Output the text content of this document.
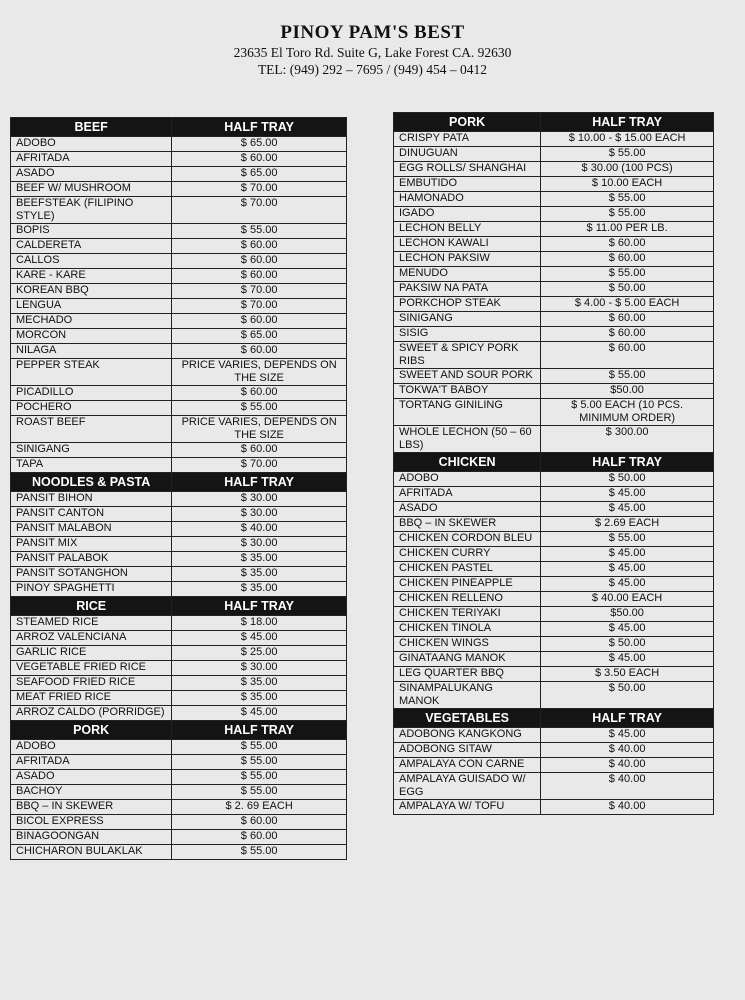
PINOY PAM'S BEST
23635 El Toro Rd. Suite G, Lake Forest CA. 92630
TEL: (949) 292 – 7695 / (949) 454 – 0412
BEEF	HALF TRAY
ADOBO	$ 65.00
AFRITADA	$ 60.00
ASADO	$ 65.00
BEEF W/ MUSHROOM	$ 70.00
BEEFSTEAK (FILIPINO STYLE)	$ 70.00
BOPIS	$ 55.00
CALDERETA	$ 60.00
CALLOS	$ 60.00
KARE - KARE	$ 60.00
KOREAN BBQ	$ 70.00
LENGUA	$ 70.00
MECHADO	$ 60.00
MORCON	$ 65.00
NILAGA	$ 60.00
PEPPER STEAK	PRICE VARIES, DEPENDS ON THE SIZE
PICADILLO	$ 60.00
POCHERO	$ 55.00
ROAST BEEF	PRICE VARIES, DEPENDS ON THE SIZE
SINIGANG	$ 60.00
TAPA	$ 70.00
NOODLES & PASTA	HALF TRAY
PANSIT BIHON	$ 30.00
PANSIT CANTON	$ 30.00
PANSIT MALABON	$ 40.00
PANSIT MIX	$ 30.00
PANSIT PALABOK	$ 35.00
PANSIT SOTANGHON	$ 35.00
PINOY SPAGHETTI	$ 35.00
RICE	HALF TRAY
STEAMED RICE	$ 18.00
ARROZ VALENCIANA	$ 45.00
GARLIC RICE	$ 25.00
VEGETABLE FRIED RICE	$ 30.00
SEAFOOD FRIED RICE	$ 35.00
MEAT FRIED RICE	$ 35.00
ARROZ CALDO (PORRIDGE)	$ 45.00
PORK	HALF TRAY
ADOBO	$ 55.00
AFRITADA	$ 55.00
ASADO	$ 55.00
BACHOY	$ 55.00
BBQ – IN SKEWER	$ 2. 69 EACH
BICOL EXPRESS	$ 60.00
BINAGOONGAN	$ 60.00
CHICHARON BULAKLAK	$ 55.00
PORK	HALF TRAY
CRISPY PATA	$ 10.00 - $ 15.00 EACH
DINUGUAN	$ 55.00
EGG ROLLS/ SHANGHAI	$ 30.00 (100 PCS)
EMBUTIDO	$ 10.00 EACH
HAMONADO	$ 55.00
IGADO	$ 55.00
LECHON BELLY	$ 11.00 PER LB.
LECHON KAWALI	$ 60.00
LECHON PAKSIW	$ 60.00
MENUDO	$ 55.00
PAKSIW NA PATA	$ 50.00
PORKCHOP STEAK	$ 4.00 - $ 5.00 EACH
SINIGANG	$ 60.00
SISIG	$ 60.00
SWEET & SPICY PORK RIBS	$ 60.00
SWEET AND SOUR PORK	$ 55.00
TOKWA'T BABOY	$50.00
TORTANG GINILING	$ 5.00 EACH (10 PCS. MINIMUM ORDER)
WHOLE LECHON (50 – 60 LBS)	$ 300.00
CHICKEN	HALF TRAY
ADOBO	$ 50.00
AFRITADA	$ 45.00
ASADO	$ 45.00
BBQ – IN SKEWER	$ 2.69 EACH
CHICKEN CORDON BLEU	$ 55.00
CHICKEN CURRY	$ 45.00
CHICKEN PASTEL	$ 45.00
CHICKEN PINEAPPLE	$ 45.00
CHICKEN RELLENO	$ 40.00 EACH
CHICKEN TERIYAKI	$50.00
CHICKEN TINOLA	$ 45.00
CHICKEN WINGS	$ 50.00
GINATAANG MANOK	$ 45.00
LEG QUARTER BBQ	$ 3.50 EACH
SINAMPALUKANG MANOK	$ 50.00
VEGETABLES	HALF TRAY
ADOBONG KANGKONG	$ 45.00
ADOBONG SITAW	$ 40.00
AMPALAYA CON CARNE	$ 40.00
AMPALAYA GUISADO W/ EGG	$ 40.00
AMPALAYA W/ TOFU	$ 40.00
